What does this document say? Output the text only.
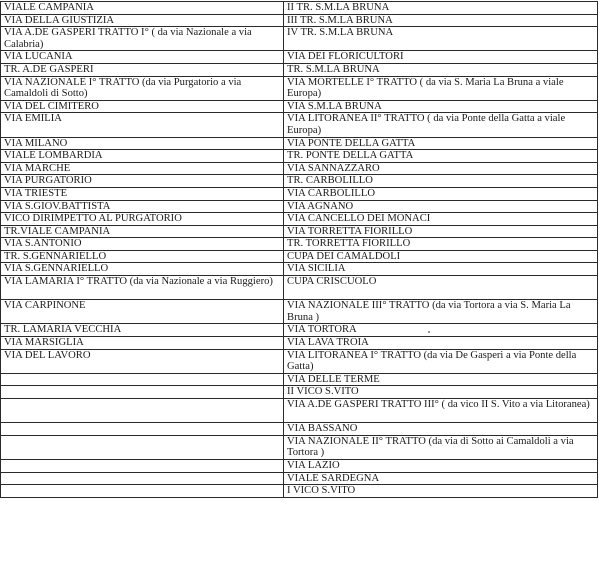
VIALE CAMPANIA	II TR. S.M.LA BRUNA
VIA DELLA GIUSTIZIA	III TR. S.M.LA BRUNA
VIA A.DE GASPERI TRATTO I° ( da via Nazionale a via Calabria)	IV TR. S.M.LA BRUNA
VIA LUCANIA	VIA DEI FLORICULTORI
TR. A.DE GASPERI	TR. S.M.LA BRUNA
VIA NAZIONALE I° TRATTO (da via Purgatorio a via Camaldoli di Sotto)	VIA MORTELLE I° TRATTO ( da via S. Maria La Bruna a viale Europa)
VIA DEL CIMITERO	VIA S.M.LA BRUNA
VIA EMILIA	VIA LITORANEA II° TRATTO ( da via Ponte della Gatta a viale Europa)
VIA MILANO	VIA PONTE DELLA GATTA
VIALE LOMBARDIA	TR. PONTE DELLA GATTA
VIA MARCHE	VIA SANNAZZARO
VIA PURGATORIO	TR. CARBOLILLO
VIA TRIESTE	VIA CARBOLILLO
VIA S.GIOV.BATTISTA	VIA AGNANO
VICO DIRIMPETTO AL PURGATORIO	VIA CANCELLO DEI MONACI
TR.VIALE CAMPANIA	VIA TORRETTA FIORILLO
VIA S.ANTONIO	TR. TORRETTA FIORILLO
TR. S.GENNARIELLO	CUPA DEI CAMALDOLI
VIA S.GENNARIELLO	VIA SICILIA
VIA LAMARIA I° TRATTO (da via Nazionale a via Ruggiero)	CUPA CRISCUOLO
VIA CARPINONE	VIA NAZIONALE III° TRATTO (da via Tortora a via S. Maria La Bruna )
TR. LAMARIA VECCHIA	VIA TORTORA
VIA MARSIGLIA	VIA LAVA TROIA
VIA DEL LAVORO	VIA LITORANEA I° TRATTO (da via De Gasperi a via Ponte della Gatta)
	VIA DELLE TERME
	II VICO S.VITO
	VIA A.DE GASPERI TRATTO III° ( da vico II S. Vito a via Litoranea)
	VIA BASSANO
	VIA NAZIONALE II° TRATTO (da via di Sotto ai Camaldoli a via Tortora )
	VIA LAZIO
	VIALE SARDEGNA
	I VICO S.VITO
